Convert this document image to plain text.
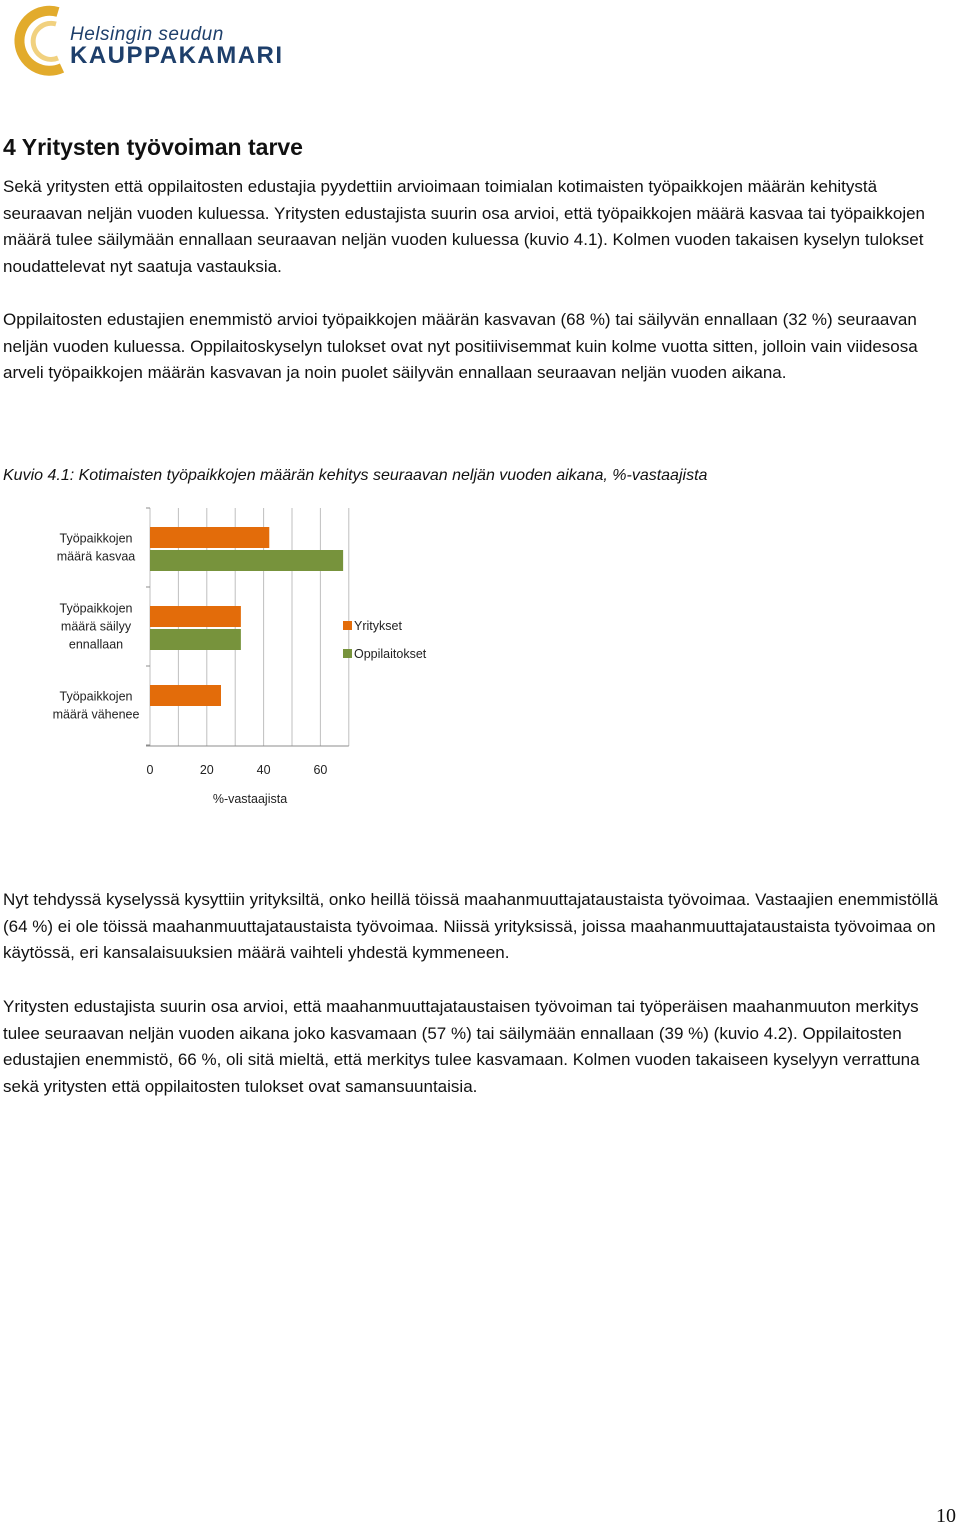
Helsingin seudun
KAUPPAKAMARI
4 Yritysten työvoiman tarve

Sekä yritysten että oppilaitosten edustajia pyydettiin arvioimaan toimialan kotimaisten työpaikkojen määrän kehitystä seuraavan neljän vuoden kuluessa. Yritysten edustajista suurin osa arvioi, että työpaikkojen määrä kasvaa tai työpaikkojen määrä tulee säilymään ennallaan seuraavan neljän vuoden kuluessa (kuvio 4.1). Kolmen vuoden takaisen kyselyn tulokset noudattelevat nyt saatuja vastauksia.

Oppilaitosten edustajien enemmistö arvioi työpaikkojen määrän kasvavan (68 %) tai säilyvän ennallaan (32 %) seuraavan neljän vuoden kuluessa. Oppilaitoskyselyn tulokset ovat nyt positiivisemmat kuin kolme vuotta sitten, jolloin vain viidesosa arveli työpaikkojen määrän kasvavan ja noin puolet säilyvän ennallaan seuraavan neljän vuoden aikana.

Kuvio 4.1: Kotimaisten työpaikkojen määrän kehitys seuraavan neljän vuoden aikana, %-vastaajista
Työpaikkojen määrä kasvaa
Työpaikkojen määrä säilyy ennallaan
Työpaikkojen määrä vähenee
0	20	40	60
%-vastaajista
Yritykset
Oppilaitokset

Nyt tehdyssä kyselyssä kysyttiin yrityksiltä, onko heillä töissä maahanmuuttajataustaista työvoimaa. Vastaajien enemmistöllä (64 %) ei ole töissä maahanmuuttajataustaista työvoimaa. Niissä yrityksissä, joissa maahanmuuttajataustaista työvoimaa on käytössä, eri kansalaisuuksien määrä vaihteli yhdestä kymmeneen.

Yritysten edustajista suurin osa arvioi, että maahanmuuttajataustaisen työvoiman tai työperäisen maahanmuuton merkitys tulee seuraavan neljän vuoden aikana joko kasvamaan (57 %) tai säilymään ennallaan (39 %) (kuvio 4.2). Oppilaitosten edustajien enemmistö, 66 %, oli sitä mieltä, että merkitys tulee kasvamaan. Kolmen vuoden takaiseen kyselyyn verrattuna sekä yritysten että oppilaitosten tulokset ovat samansuuntaisia.

10
